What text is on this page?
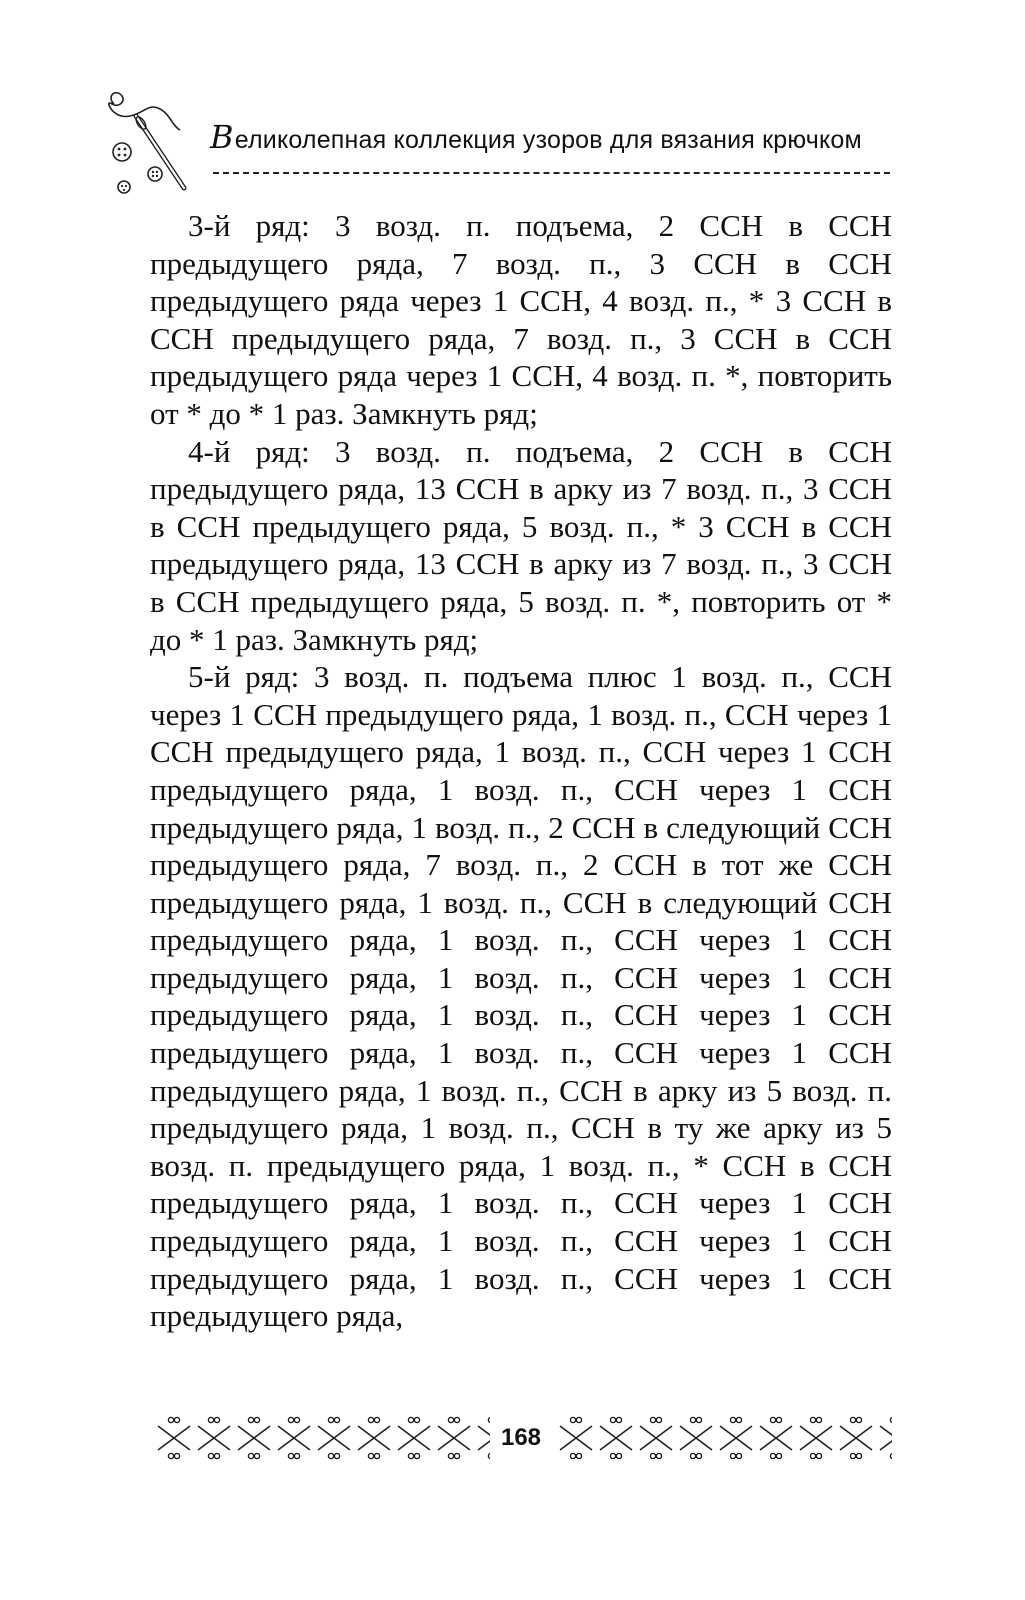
Великолепная коллекция узоров для вязания крючком

3-й ряд: 3 возд. п. подъема, 2 ССН в ССН предыдущего ряда, 7 возд. п., 3 ССН в ССН предыдущего ряда через 1 ССН, 4 возд. п., * 3 ССН в ССН предыдущего ряда, 7 возд. п., 3 ССН в ССН предыдущего ряда через 1 ССН, 4 возд. п. *, повторить от * до * 1 раз. Замкнуть ряд;

4-й ряд: 3 возд. п. подъема, 2 ССН в ССН предыдущего ряда, 13 ССН в арку из 7 возд. п., 3 ССН в ССН предыдущего ряда, 5 возд. п., * 3 ССН в ССН предыдущего ряда, 13 ССН в арку из 7 возд. п., 3 ССН в ССН предыдущего ряда, 5 возд. п. *, повторить от * до * 1 раз. Замкнуть ряд;

5-й ряд: 3 возд. п. подъема плюс 1 возд. п., ССН через 1 ССН предыдущего ряда, 1 возд. п., ССН через 1 ССН предыдущего ряда, 1 возд. п., ССН через 1 ССН предыдущего ряда, 1 возд. п., ССН через 1 ССН предыдущего ряда, 1 возд. п., 2 ССН в следующий ССН предыдущего ряда, 7 возд. п., 2 ССН в тот же ССН предыдущего ряда, 1 возд. п., ССН в следующий ССН предыдущего ряда, 1 возд. п., ССН через 1 ССН предыдущего ряда, 1 возд. п., ССН через 1 ССН предыдущего ряда, 1 возд. п., ССН через 1 ССН предыдущего ряда, 1 возд. п., ССН через 1 ССН предыдущего ряда, 1 возд. п., ССН в арку из 5 возд. п. предыдущего ряда, 1 возд. п., ССН в ту же арку из 5 возд. п. предыдущего ряда, 1 возд. п., * ССН в ССН предыдущего ряда, 1 возд. п., ССН через 1 ССН предыдущего ряда, 1 возд. п., ССН через 1 ССН предыдущего ряда, 1 возд. п., ССН через 1 ССН предыдущего ряда,

168
